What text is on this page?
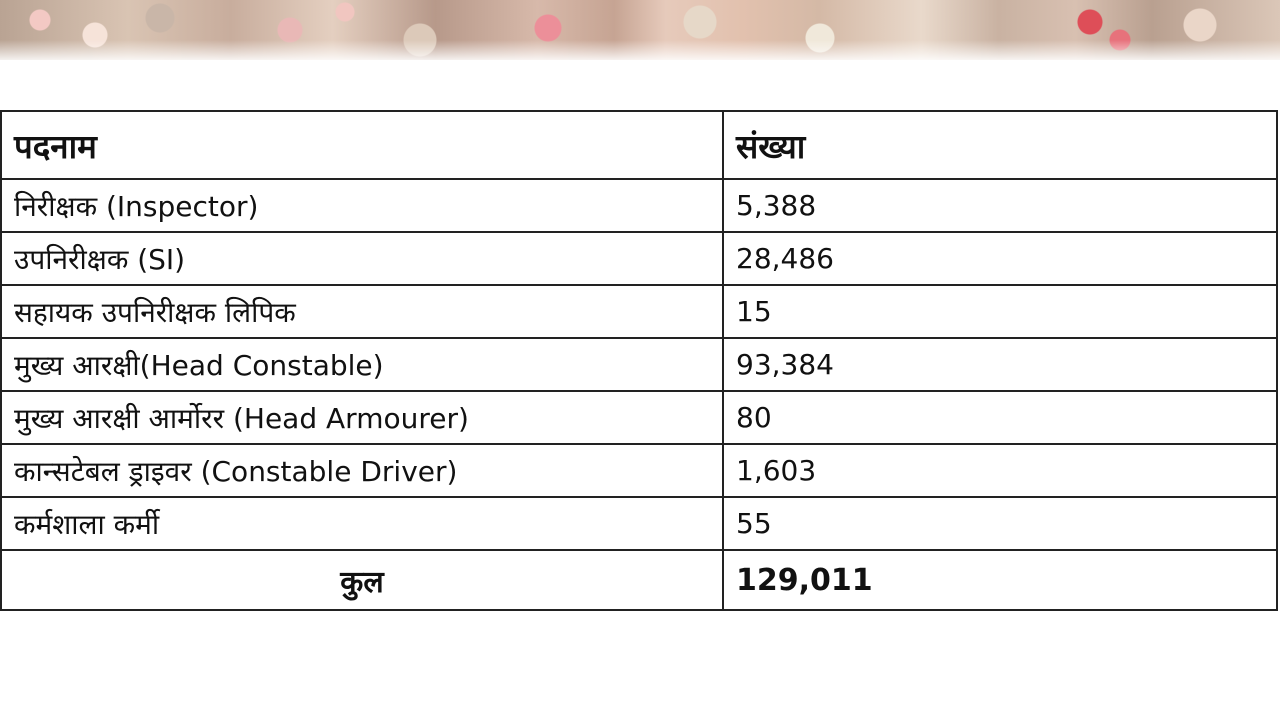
पदनाम	संख्या
निरीक्षक (Inspector)	5,388
उपनिरीक्षक (SI)	28,486
सहायक उपनिरीक्षक लिपिक	15
मुख्य आरक्षी(Head Constable)	93,384
मुख्य आरक्षी आर्मोरर (Head Armourer)	80
कान्सटेबल ड्राइवर (Constable Driver)	1,603
कर्मशाला कर्मी	55
कुल	129,011
